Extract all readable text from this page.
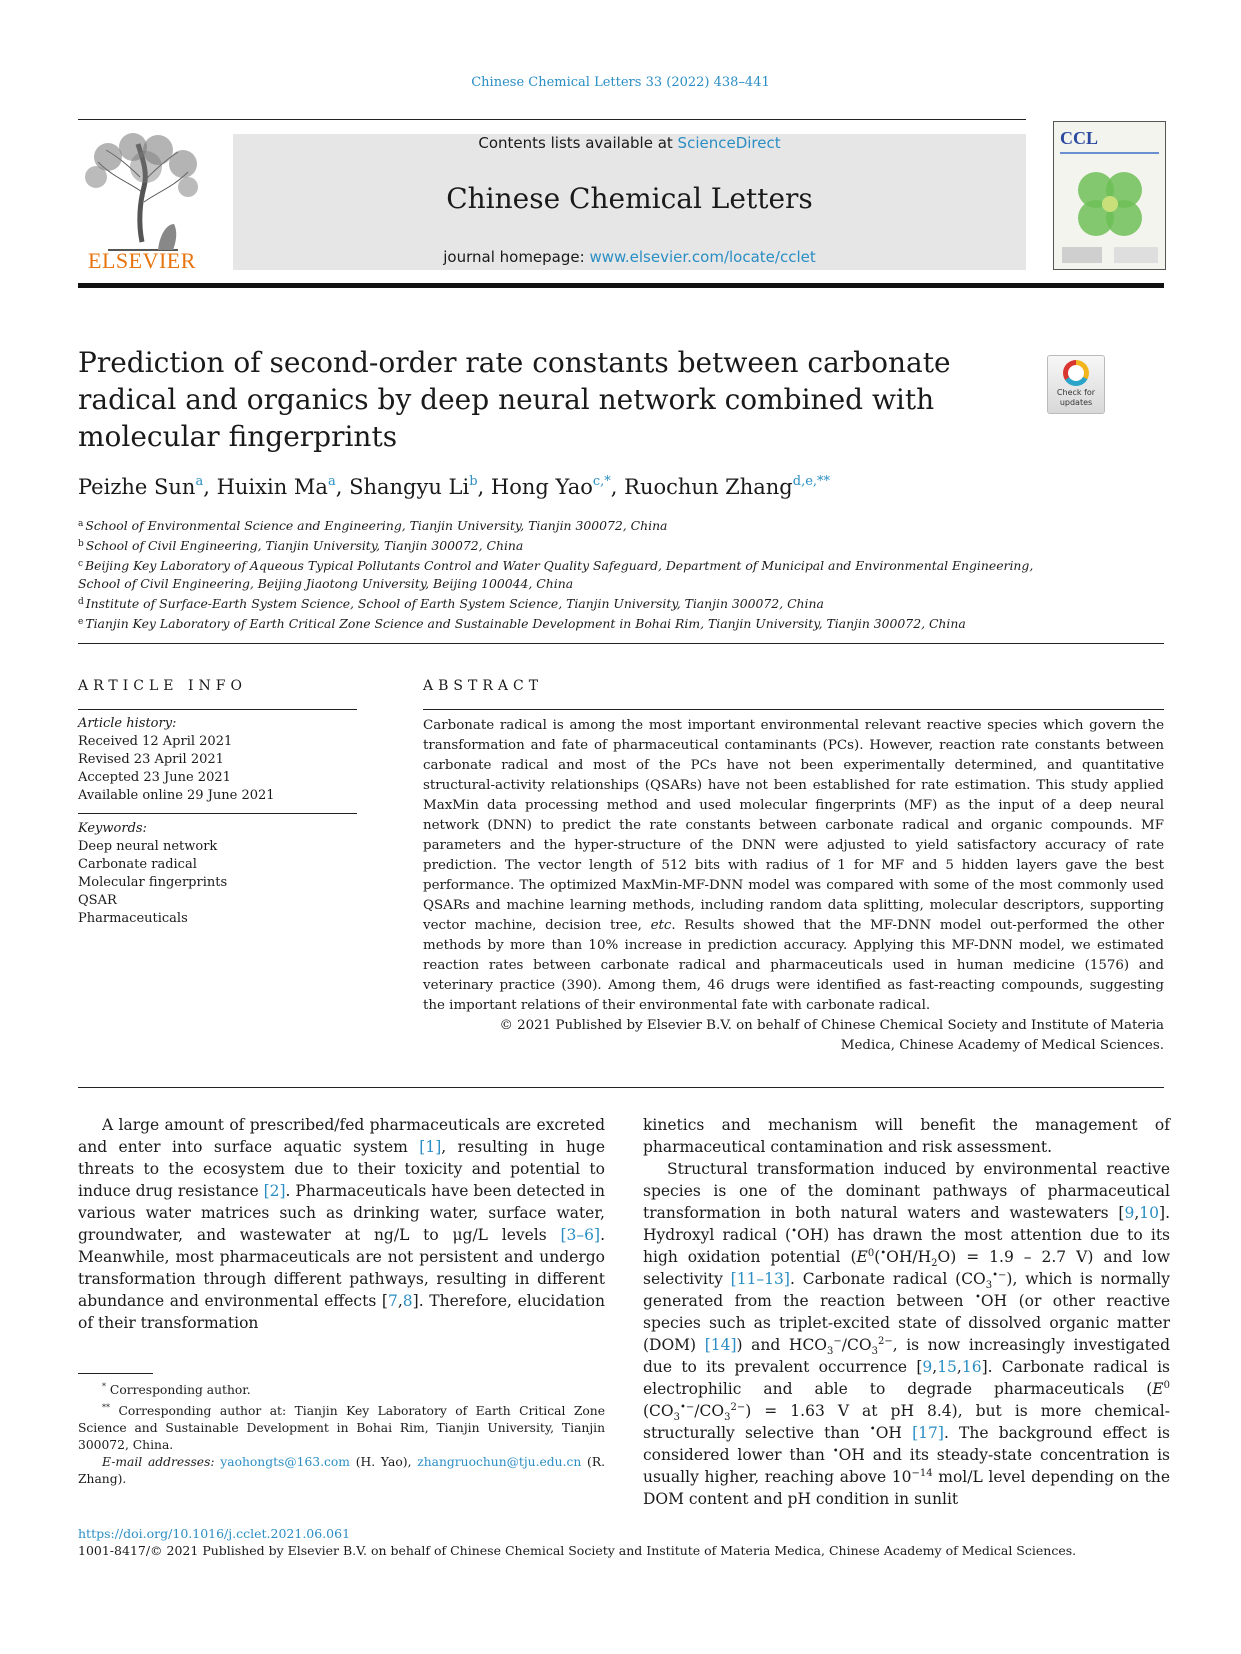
Chinese Chemical Letters 33 (2022) 438–441
ELSEVIER
Contents lists available at ScienceDirect
Chinese Chemical Letters
journal homepage: www.elsevier.com/locate/cclet
CCL
Prediction of second-order rate constants between carbonate radical and organics by deep neural network combined with molecular fingerprints
Check for updates
Peizhe Sun$^a$, Huixin Ma$^a$, Shangyu Li$^b$, Hong Yao$^{c,*}$, Ruochun Zhang$^{d,e,**}$
$^a$ School of Environmental Science and Engineering, Tianjin University, Tianjin 300072, China
$^b$ School of Civil Engineering, Tianjin University, Tianjin 300072, China
$^c$ Beijing Key Laboratory of Aqueous Typical Pollutants Control and Water Quality Safeguard, Department of Municipal and Environmental Engineering, School of Civil Engineering, Beijing Jiaotong University, Beijing 100044, China
$^d$ Institute of Surface-Earth System Science, School of Earth System Science, Tianjin University, Tianjin 300072, China
$^e$ Tianjin Key Laboratory of Earth Critical Zone Science and Sustainable Development in Bohai Rim, Tianjin University, Tianjin 300072, China
ARTICLE INFO
Article history:
Received 12 April 2021
Revised 23 April 2021
Accepted 23 June 2021
Available online 29 June 2021
Keywords:
Deep neural network
Carbonate radical
Molecular fingerprints
QSAR
Pharmaceuticals
ABSTRACT

Carbonate radical is among the most important environmental relevant reactive species which govern the transformation and fate of pharmaceutical contaminants (PCs). However, reaction rate constants between carbonate radical and most of the PCs have not been experimentally determined, and quantitative structural-activity relationships (QSARs) have not been established for rate estimation. This study applied MaxMin data processing method and used molecular fingerprints (MF) as the input of a deep neural network (DNN) to predict the rate constants between carbonate radical and organic compounds. MF parameters and the hyper-structure of the DNN were adjusted to yield satisfactory accuracy of rate prediction. The vector length of 512 bits with radius of 1 for MF and 5 hidden layers gave the best performance. The optimized MaxMin-MF-DNN model was compared with some of the most commonly used QSARs and machine learning methods, including random data splitting, molecular descriptors, supporting vector machine, decision tree, etc. Results showed that the MF-DNN model out-performed the other methods by more than 10% increase in prediction accuracy. Applying this MF-DNN model, we estimated reaction rates between carbonate radical and pharmaceuticals used in human medicine (1576) and veterinary practice (390). Among them, 46 drugs were identified as fast-reacting compounds, suggesting the important relations of their environmental fate with carbonate radical.

© 2021 Published by Elsevier B.V. on behalf of Chinese Chemical Society and Institute of Materia
Medica, Chinese Academy of Medical Sciences.

A large amount of prescribed/fed pharmaceuticals are excreted and enter into surface aquatic system [1], resulting in huge threats to the ecosystem due to their toxicity and potential to induce drug resistance [2]. Pharmaceuticals have been detected in various water matrices such as drinking water, surface water, groundwater, and wastewater at ng/L to μg/L levels [3–6]. Meanwhile, most pharmaceuticals are not persistent and undergo transformation through different pathways, resulting in different abundance and environmental effects [7,8]. Therefore, elucidation of their transformation

kinetics and mechanism will benefit the management of pharmaceutical contamination and risk assessment.

Structural transformation induced by environmental reactive species is one of the dominant pathways of pharmaceutical transformation in both natural waters and wastewaters [9,10]. Hydroxyl radical (•OH) has drawn the most attention due to its high oxidation potential ($E^0(^•OH/H_2O) = 1.9 - 2.7$ V) and low selectivity [11–13]. Carbonate radical $(CO_3^{•-})$, which is normally generated from the reaction between •OH (or other reactive species such as triplet-excited state of dissolved organic matter (DOM) [14]) and $HCO_3^-/CO_3^{2-}$, is now increasingly investigated due to its prevalent occurrence [9,15,16]. Carbonate radical is electrophilic and able to degrade pharmaceuticals ($E^0$ $(CO_3^{•-}/CO_3^{2-}) = 1.63$ V at pH 8.4), but is more chemical-structurally selective than •OH [17]. The background effect is considered lower than •OH and its steady-state concentration is usually higher, reaching above $10^{-14}$ mol/L level depending on the DOM content and pH condition in sunlit

* Corresponding author.

** Corresponding author at: Tianjin Key Laboratory of Earth Critical Zone Science and Sustainable Development in Bohai Rim, Tianjin University, Tianjin 300072, China.

E-mail addresses: yaohongts@163.com (H. Yao), zhangruochun@tju.edu.cn (R. Zhang).

https://doi.org/10.1016/j.cclet.2021.06.061
1001-8417/© 2021 Published by Elsevier B.V. on behalf of Chinese Chemical Society and Institute of Materia Medica, Chinese Academy of Medical Sciences.
